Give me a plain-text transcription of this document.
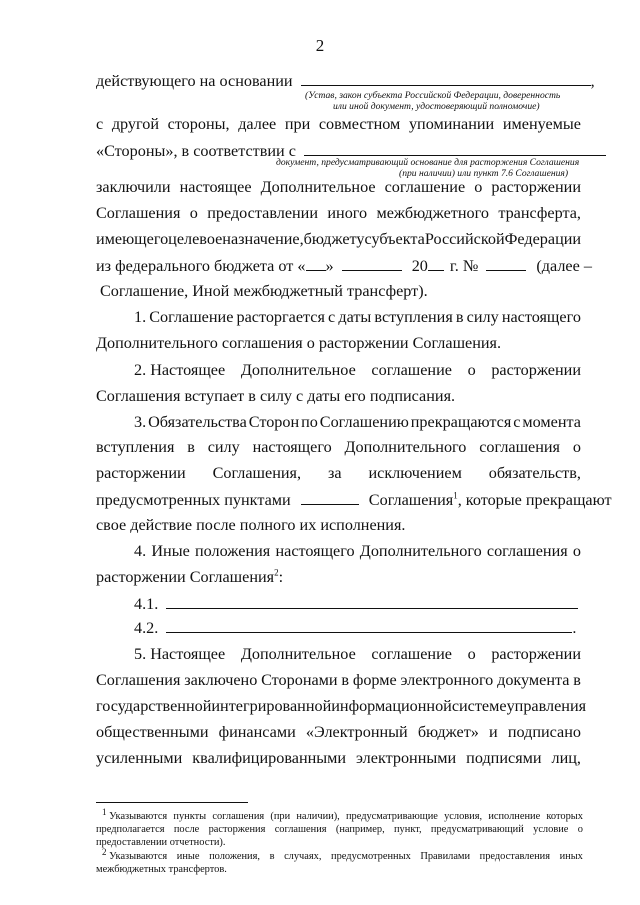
2
действующего на основании	,
(Устав, закон субъекта Российской Федерации, доверенность
или иной документ, удостоверяющий полномочие)
с другой стороны, далее при совместном упоминании именуемые
«Стороны», в соответствии с
документ, предусматривающий основание для расторжения Соглашения
(при наличии) или пункт 7.6 Соглашения)
заключили настоящее Дополнительное соглашение о расторжении
Соглашения о предоставлении иного межбюджетного трансферта,
имеющего целевое назначение, бюджету субъекта Российской Федерации
из федерального бюджета от « »	20 г. №	(далее –
Соглашение, Иной межбюджетный трансферт).
1. Соглашение расторгается с даты вступления в силу настоящего
Дополнительного соглашения о расторжении Соглашения.
2. Настоящее Дополнительное соглашение о расторжении
Соглашения вступает в силу с даты его подписания.
3. Обязательства Сторон по Соглашению прекращаются с момента
вступления в силу настоящего Дополнительного соглашения о
расторжении Соглашения, за исключением обязательств,
предусмотренных пунктами	Соглашения$^1$, которые прекращают
свое действие после полного их исполнения.
4. Иные положения настоящего Дополнительного соглашения о
расторжении Соглашения$^2$:
4.1.
4.2.	.
5. Настоящее Дополнительное соглашение о расторжении
Соглашения заключено Сторонами в форме электронного документа в
государственной интегрированной информационной системе управления
общественными финансами «Электронный бюджет» и подписано
усиленными квалифицированными электронными подписями лиц,
$^1$ Указываются пункты соглашения (при наличии), предусматривающие условия, исполнение которых
предполагается после расторжения соглашения (например, пункт, предусматривающий условие о
предоставлении отчетности).
$^2$ Указываются иные положения, в случаях, предусмотренных Правилами предоставления иных
межбюджетных трансфертов.
